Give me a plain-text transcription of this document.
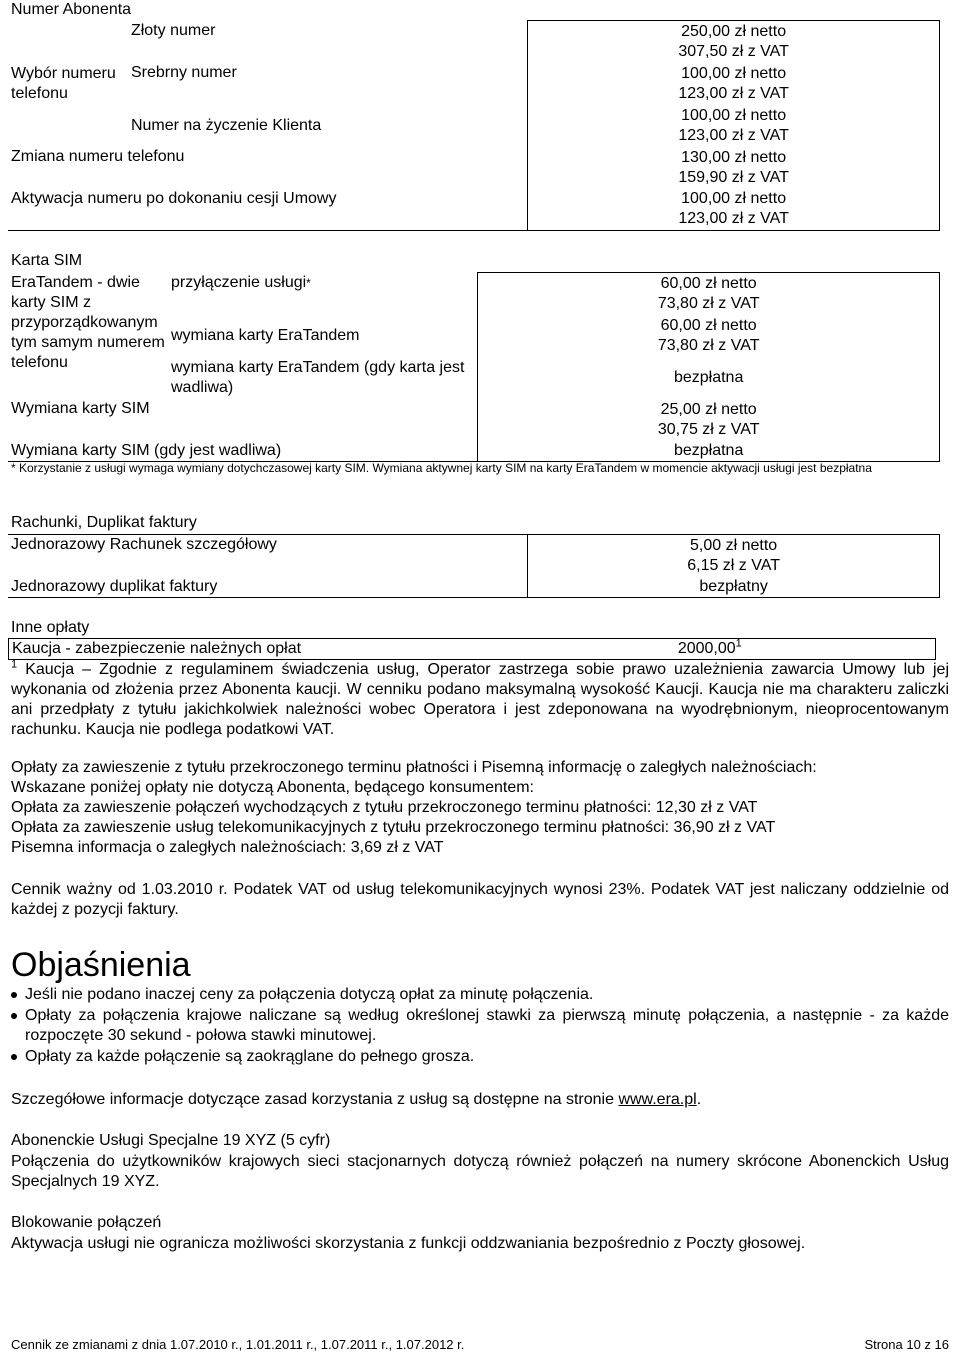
Numer Abonenta
Wybór numeru telefonu	Złoty numer	250,00 zł netto
307,50 zł z VAT

	Srebrny numer	100,00 zł netto
123,00 zł z VAT

	Numer na życzenie Klienta	100,00 zł netto
123,00 zł z VAT

Zmiana numeru telefonu		130,00 zł netto
159,90 zł z VAT

Aktywacja numeru po dokonaniu cesji Umowy		100,00 zł netto
123,00 zł z VAT
Karta SIM
EraTandem - dwie karty SIM z przyporządkowanym tym samym numerem telefonu	przyłączenie usługi*	60,00 zł netto
73,80 zł z VAT

	wymiana karty EraTandem	60,00 zł netto
73,80 zł z VAT

	wymiana karty EraTandem (gdy karta jest wadliwa)	bezpłatna
Wymiana karty SIM		25,00 zł netto
30,75 zł z VAT

Wymiana karty SIM (gdy jest wadliwa)		bezpłatna
* Korzystanie z usługi wymaga wymiany dotychczasowej karty SIM. Wymiana aktywnej karty SIM na karty EraTandem w momencie aktywacji usługi jest bezpłatna
Rachunki, Duplikat faktury
Jednorazowy Rachunek szczegółowy	5,00 zł netto
6,15 zł z VAT

Jednorazowy duplikat faktury	bezpłatny
Inne opłaty
Kaucja - zabezpieczenie należnych opłat	2000,00$^1$
$^1$ Kaucja – Zgodnie z regulaminem świadczenia usług, Operator zastrzega sobie prawo uzależnienia zawarcia Umowy lub jej wykonania od złożenia przez Abonenta kaucji. W cenniku podano maksymalną wysokość Kaucji. Kaucja nie ma charakteru zaliczki ani przedpłaty z tytułu jakichkolwiek należności wobec Operatora i jest zdeponowana na wyodrębnionym, nieoprocentowanym rachunku. Kaucja nie podlega podatkowi VAT.
Opłaty za zawieszenie z tytułu przekroczonego terminu płatności i Pisemną informację o zaległych należnościach:
Wskazane poniżej opłaty nie dotyczą Abonenta, będącego konsumentem:
Opłata za zawieszenie połączeń wychodzących z tytułu przekroczonego terminu płatności: 12,30 zł z VAT
Opłata za zawieszenie usług telekomunikacyjnych z tytułu przekroczonego terminu płatności: 36,90 zł z VAT
Pisemna informacja o zaległych należnościach: 3,69 zł z VAT
Cennik ważny od 1.03.2010 r. Podatek VAT od usług telekomunikacyjnych wynosi 23%. Podatek VAT jest naliczany oddzielnie od każdej z pozycji faktury.
Objaśnienia
Jeśli nie podano inaczej ceny za połączenia dotyczą opłat za minutę połączenia.
Opłaty za połączenia krajowe naliczane są według określonej stawki za pierwszą minutę połączenia, a następnie - za każde rozpoczęte 30 sekund - połowa stawki minutowej.
Opłaty za każde połączenie są zaokrąglane do pełnego grosza.
Szczegółowe informacje dotyczące zasad korzystania z usług są dostępne na stronie www.era.pl.
Abonenckie Usługi Specjalne 19 XYZ (5 cyfr)
Połączenia do użytkowników krajowych sieci stacjonarnych dotyczą również połączeń na numery skrócone Abonenckich Usług Specjalnych 19 XYZ.
Blokowanie połączeń
Aktywacja usługi nie ogranicza możliwości skorzystania z funkcji oddzwaniania bezpośrednio z Poczty głosowej.
Cennik ze zmianami z dnia 1.07.2010 r., 1.01.2011 r., 1.07.2011 r., 1.07.2012 r.	Strona 10 z 16
